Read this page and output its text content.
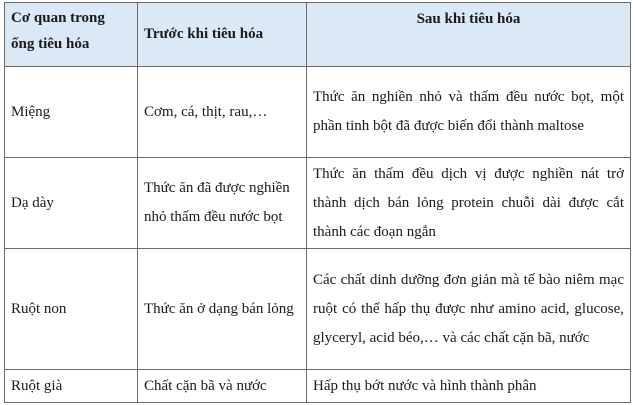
Cơ quan trong ống tiêu hóa	Trước khi tiêu hóa	Sau khi tiêu hóa
Miệng	Cơm, cá, thịt, rau,…	Thức ăn nghiền nhỏ và thấm đều nước bọt, một phần tinh bột đã được biến đổi thành maltose
Dạ dày	Thức ăn đã được nghiền nhỏ thấm đều nước bọt	Thức ăn thấm đều dịch vị được nghiền nát trở thành dịch bán lỏng protein chuỗi dài được cắt thành các đoạn ngắn
Ruột non	Thức ăn ở dạng bán lỏng	Các chất dinh dưỡng đơn giản mà tế bào niêm mạc ruột có thể hấp thụ được như amino acid, glucose, glyceryl, acid béo,… và các chất cặn bã, nước
Ruột già	Chất cặn bã và nước	Hấp thụ bớt nước và hình thành phân
